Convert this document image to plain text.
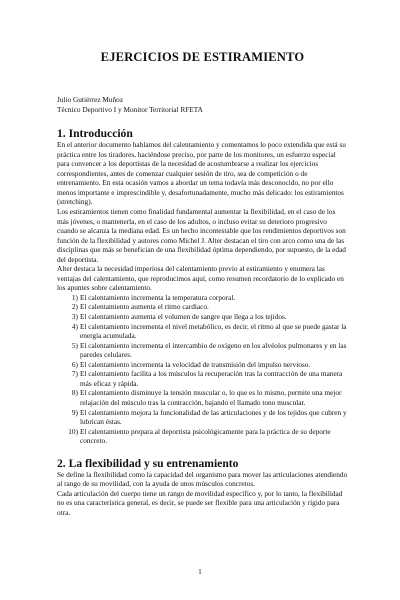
EJERCICIOS DE ESTIRAMIENTO
Julio Gutiérrez Muñoz
Técnico Deportivo I y Monitor Territorial RFETA
1. Introducción

En el anterior documento hablamos del calentamiento y comentamos lo poco extendida que está su práctica entre los tiradores, haciéndose preciso, por parte de los monitores, un esfuerzo especial para convencer a los deportistas de la necesidad de acostumbrarse a realizar los ejercicios correspondientes, antes de comenzar cualquier sesión de tiro, sea de competición o de entrenamiento. En esta ocasión vamos a abordar un tema todavía más desconocido, no por ello menos importante e imprescindible y, desafortunadamente, mucho más delicado: los estiramientos (stretching).

Los estiramientos tienen como finalidad fundamental aumentar la flexibilidad, en el caso de los más jóvenes, o mantenerla, en el caso de los adultos, o incluso evitar su deterioro progresivo cuando se alcanza la mediana edad. Es un hecho incontestable que los rendimientos deportivos son función de la flexibilidad y autores como Michel J. Alter destacan el tiro con arco como una de las disciplinas que más se benefician de una flexibilidad óptima dependiendo, por supuesto, de la edad del deportista.

Alter destaca la necesidad imperiosa del calentamiento previo al estiramiento y enumera las ventajas del calentamiento, que reproducimos aquí, como resumen recordatorio de lo explicado en los apuntes sobre calentamiento.

1) El calentamiento incrementa la temperatura corporal.
2) El calentamiento aumenta el ritmo cardiaco.
3) El calentamiento aumenta el volumen de sangre que llega a los tejidos.
4) El calentamiento incrementa el nivel metabólico, es decir, el ritmo al que se puede gastar la energía acumulada.
5) El calentamiento incrementa el intercambio de oxígeno en los alvéolos pulmonares y en las paredes celulares.
6) El calentamiento incrementa la velocidad de transmisión del impulso nervioso.
7) El calentamiento facilita a los músculos la recuperación tras la contracción de una manera más eficaz y rápida.
8) El calentamiento disminuye la tensión muscular o, lo que es lo mismo, permite una mejor relajación del músculo tras la contracción, bajando el llamado tono muscular.
9) El calentamiento mejora la funcionalidad de las articulaciones y de los tejidos que cubren y lubrican éstas.
10) El calentamiento prepara al deportista psicológicamente para la práctica de su deporte concreto.
2. La flexibilidad y su entrenamiento

Se define la flexibilidad como la capacidad del organismo para mover las articulaciones atendiendo al rango de su movilidad, con la ayuda de unos músculos concretos.

Cada articulación del cuerpo tiene un rango de movilidad específico y, por lo tanto, la flexibilidad no es una característica general, es decir, se puede ser flexible para una articulación y rígido para otra.

1
